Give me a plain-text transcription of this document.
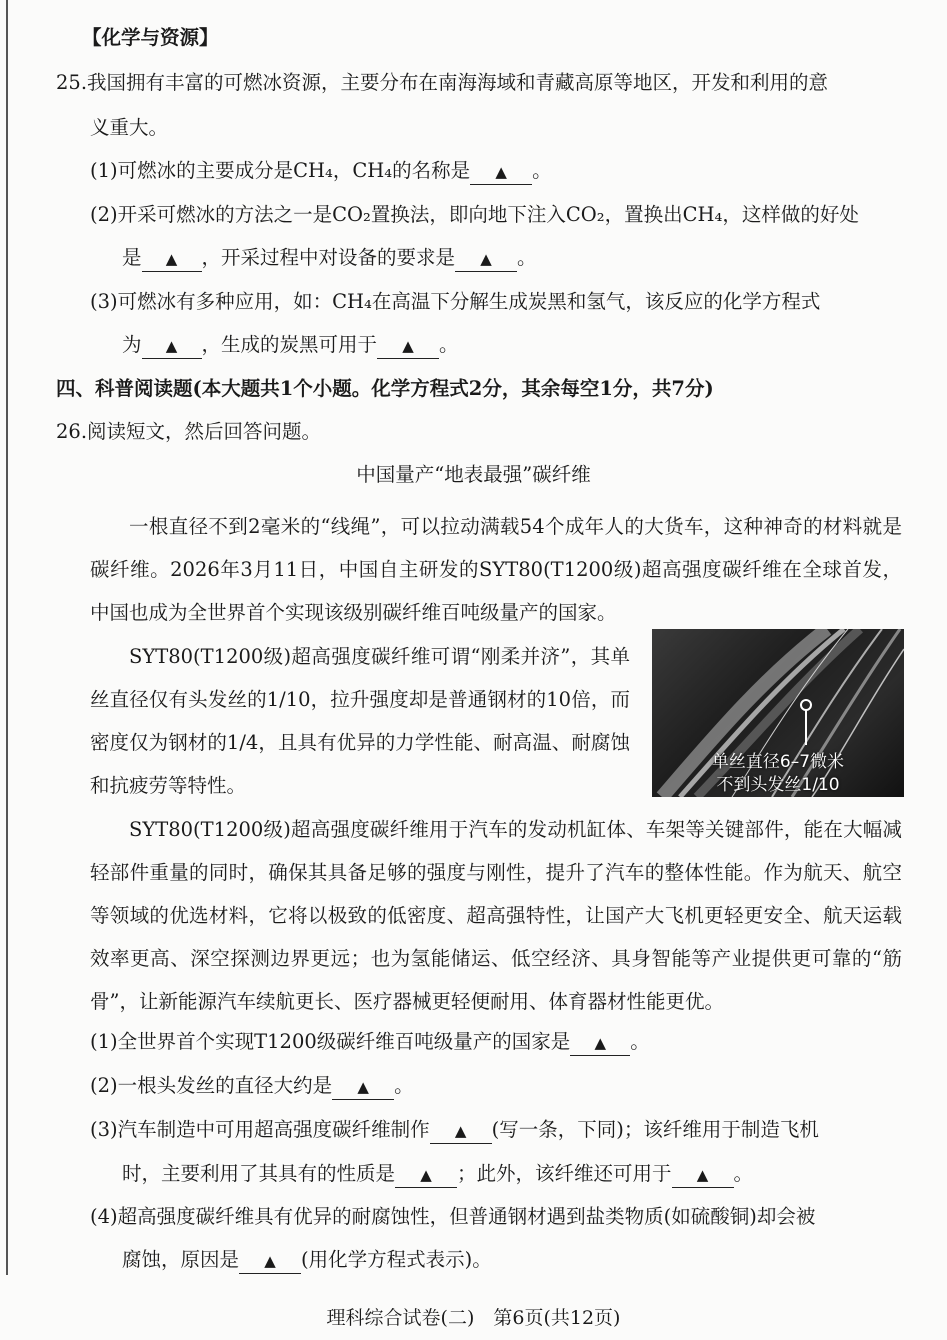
【化学与资源】
25.我国拥有丰富的可燃冰资源，主要分布在南海海域和青藏高原等地区，开发和利用的意
义重大。
(1)可燃冰的主要成分是CH₄，CH₄的名称是 ▲ 。
(2)开采可燃冰的方法之一是CO₂置换法，即向地下注入CO₂，置换出CH₄，这样做的好处
是 ▲ ，开采过程中对设备的要求是 ▲ 。
(3)可燃冰有多种应用，如：CH₄在高温下分解生成炭黑和氢气，该反应的化学方程式
为 ▲ ，生成的炭黑可用于 ▲ 。
四、科普阅读题(本大题共1个小题。化学方程式2分，其余每空1分，共7分)
26.阅读短文，然后回答问题。
中国量产“地表最强”碳纤维
一根直径不到2毫米的“线绳”，可以拉动满载54个成年人的大货车，这种神奇的材料就是碳纤维。2026年3月11日，中国自主研发的SYT80(T1200级)超高强度碳纤维在全球首发，中国也成为全世界首个实现该级别碳纤维百吨级量产的国家。
SYT80(T1200级)超高强度碳纤维可谓“刚柔并济”，其单丝直径仅有头发丝的1/10，拉升强度却是普通钢材的10倍，而密度仅为钢材的1/4，且具有优异的力学性能、耐高温、耐腐蚀和抗疲劳等特性。
单丝直径6–7微米
不到头发丝1/10
SYT80(T1200级)超高强度碳纤维用于汽车的发动机缸体、车架等关键部件，能在大幅减轻部件重量的同时，确保其具备足够的强度与刚性，提升了汽车的整体性能。作为航天、航空等领域的优选材料，它将以极致的低密度、超高强特性，让国产大飞机更轻更安全、航天运载效率更高、深空探测边界更远；也为氢能储运、低空经济、具身智能等产业提供更可靠的“筋骨”，让新能源汽车续航更长、医疗器械更轻便耐用、体育器材性能更优。
(1)全世界首个实现T1200级碳纤维百吨级量产的国家是 ▲ 。
(2)一根头发丝的直径大约是 ▲ 。
(3)汽车制造中可用超高强度碳纤维制作 ▲ (写一条，下同)；该纤维用于制造飞机
时，主要利用了其具有的性质是 ▲ ；此外，该纤维还可用于 ▲ 。
(4)超高强度碳纤维具有优异的耐腐蚀性，但普通钢材遇到盐类物质(如硫酸铜)却会被
腐蚀，原因是 ▲ (用化学方程式表示)。
理科综合试卷(二)　第6页(共12页)
